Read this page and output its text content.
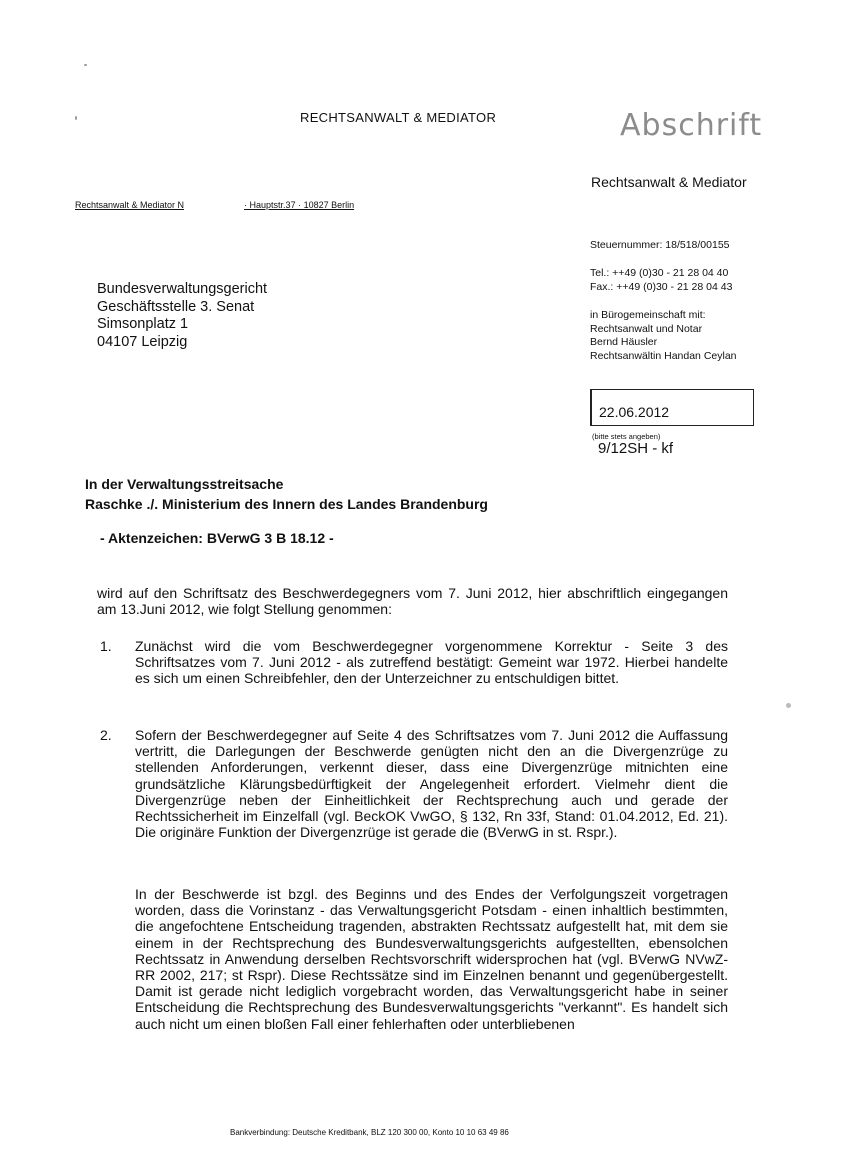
RECHTSANWALT & MEDIATOR	Abschrift
Rechtsanwalt & Mediator
Rechtsanwalt & Mediator N	· Hauptstr.37 · 10827 Berlin
Steuernummer: 18/518/00155
Tel.: ++49 (0)30 - 21 28 04 40
Fax.: ++49 (0)30 - 21 28 04 43
in Bürogemeinschaft mit:
Rechtsanwalt und Notar
Bernd Häusler
Rechtsanwältin Handan Ceylan
Bundesverwaltungsgericht
Geschäftsstelle 3. Senat
Simsonplatz 1
04107 Leipzig
22.06.2012
(bitte stets angeben)
9/12SH - kf
In der Verwaltungsstreitsache
Raschke ./. Ministerium des Innern des Landes Brandenburg
- Aktenzeichen: BVerwG 3 B 18.12 -
wird auf den Schriftsatz des Beschwerdegegners vom 7. Juni 2012, hier abschriftlich eingegangen am 13.Juni 2012, wie folgt Stellung genommen:
1. Zunächst wird die vom Beschwerdegegner vorgenommene Korrektur - Seite 3 des Schriftsatzes vom 7. Juni 2012 - als zutreffend bestätigt: Gemeint war 1972. Hierbei handelte es sich um einen Schreibfehler, den der Unterzeichner zu entschuldigen bittet.
2. Sofern der Beschwerdegegner auf Seite 4 des Schriftsatzes vom 7. Juni 2012 die Auffassung vertritt, die Darlegungen der Beschwerde genügten nicht den an die Divergenzrüge zu stellenden Anforderungen, verkennt dieser, dass eine Divergenzrüge mitnichten eine grundsätzliche Klärungsbedürftigkeit der Angelegenheit erfordert. Vielmehr dient die Divergenzrüge neben der Einheitlichkeit der Rechtsprechung auch und gerade der Rechtssicherheit im Einzelfall (vgl. BeckOK VwGO, § 132, Rn 33f, Stand: 01.04.2012, Ed. 21). Die originäre Funktion der Divergenzrüge ist gerade die (BVerwG in st. Rspr.).
In der Beschwerde ist bzgl. des Beginns und des Endes der Verfolgungszeit vorgetragen worden, dass die Vorinstanz - das Verwaltungsgericht Potsdam - einen inhaltlich bestimmten, die angefochtene Entscheidung tragenden, abstrakten Rechtssatz aufgestellt hat, mit dem sie einem in der Rechtsprechung des Bundesverwaltungsgerichts aufgestellten, ebensolchen Rechtssatz in Anwendung derselben Rechtsvorschrift widersprochen hat (vgl. BVerwG NVwZ-RR 2002, 217; st Rspr). Diese Rechtssätze sind im Einzelnen benannt und gegenübergestellt. Damit ist gerade nicht lediglich vorgebracht worden, das Verwaltungsgericht habe in seiner Entscheidung die Rechtsprechung des Bundesverwaltungsgerichts "verkannt". Es handelt sich auch nicht um einen bloßen Fall einer fehlerhaften oder unterbliebenen
Bankverbindung: Deutsche Kreditbank, BLZ 120 300 00, Konto 10 10 63 49 86
